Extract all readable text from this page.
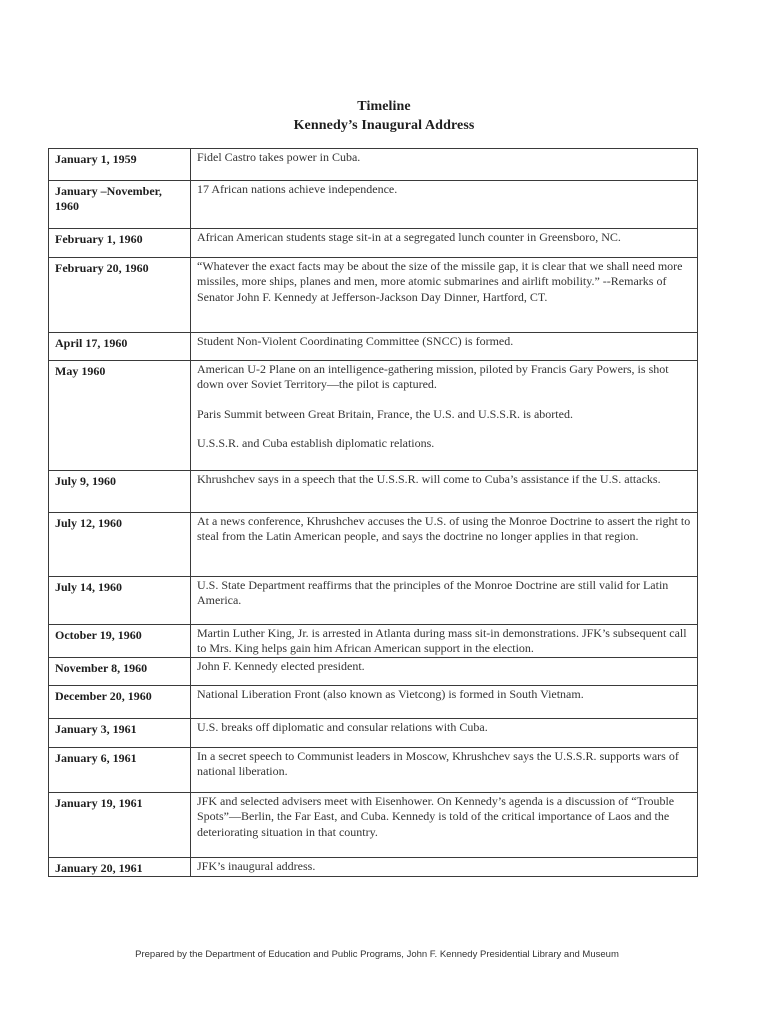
Timeline
Kennedy’s Inaugural Address
January 1, 1959	Fidel Castro takes power in Cuba.

January –November, 1960	17 African nations achieve independence.

February 1, 1960	African American students stage sit-in at a segregated lunch counter in Greensboro, NC.

February 20, 1960	“Whatever the exact facts may be about the size of the missile gap, it is clear that we shall need more missiles, more ships, planes and men, more atomic submarines and airlift mobility.” --Remarks of Senator John F. Kennedy at Jefferson-Jackson Day Dinner, Hartford, CT.

April 17, 1960	Student Non-Violent Coordinating Committee (SNCC) is formed.

May 1960	American U-2 Plane on an intelligence-gathering mission, piloted by Francis Gary Powers, is shot down over Soviet Territory—the pilot is captured.

Paris Summit between Great Britain, France, the U.S. and U.S.S.R. is aborted.

U.S.S.R. and Cuba establish diplomatic relations.

July 9, 1960	Khrushchev says in a speech that the U.S.S.R. will come to Cuba’s assistance if the U.S. attacks.

July 12, 1960	At a news conference, Khrushchev accuses the U.S. of using the Monroe Doctrine to assert the right to steal from the Latin American people, and says the doctrine no longer applies in that region.

July 14, 1960	U.S. State Department reaffirms that the principles of the Monroe Doctrine are still valid for Latin America.

October 19, 1960	Martin Luther King, Jr. is arrested in Atlanta during mass sit-in demonstrations. JFK’s subsequent call to Mrs. King helps gain him African American support in the election.

November 8, 1960	John F. Kennedy elected president.

December 20, 1960	National Liberation Front (also known as Vietcong) is formed in South Vietnam.

January 3, 1961	U.S. breaks off diplomatic and consular relations with Cuba.

January 6, 1961	In a secret speech to Communist leaders in Moscow, Khrushchev says the U.S.S.R. supports wars of national liberation.

January 19, 1961	JFK and selected advisers meet with Eisenhower. On Kennedy’s agenda is a discussion of “Trouble Spots”—Berlin, the Far East, and Cuba. Kennedy is told of the critical importance of Laos and the deteriorating situation in that country.

January 20, 1961	JFK’s inaugural address.

Prepared by the Department of Education and Public Programs, John F. Kennedy Presidential Library and Museum
